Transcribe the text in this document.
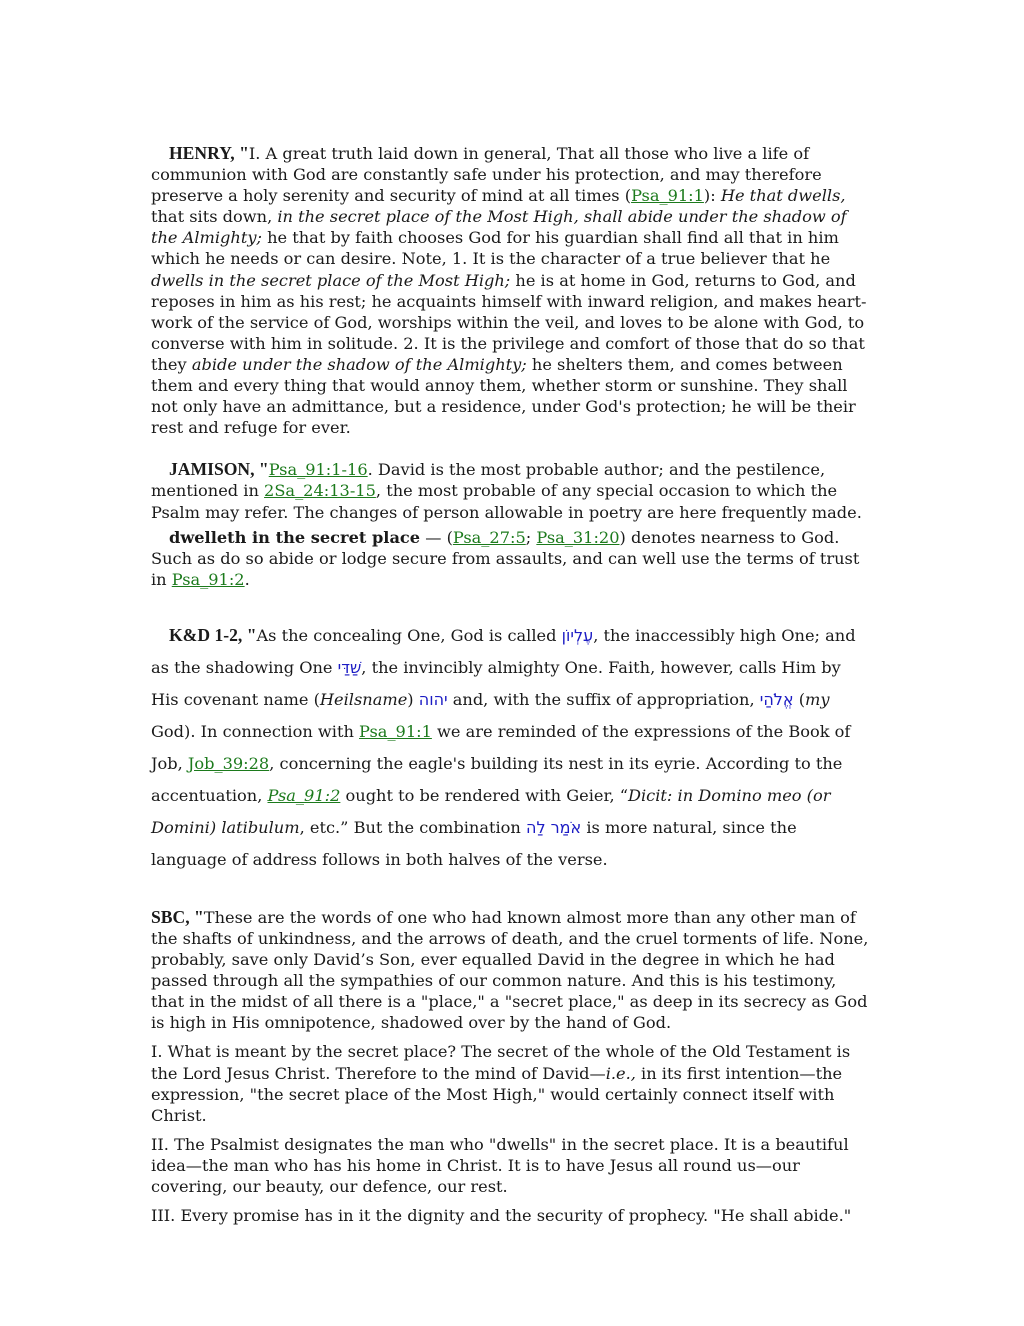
HENRY, "I. A great truth laid down in general, That all those who live a life of communion with God are constantly safe under his protection, and may therefore preserve a holy serenity and security of mind at all times (Psa_91:1): He that dwells, that sits down, in the secret place of the Most High, shall abide under the shadow of the Almighty; he that by faith chooses God for his guardian shall find all that in him which he needs or can desire. Note, 1. It is the character of a true believer that he dwells in the secret place of the Most High; he is at home in God, returns to God, and reposes in him as his rest; he acquaints himself with inward religion, and makes heart-work of the service of God, worships within the veil, and loves to be alone with God, to converse with him in solitude. 2. It is the privilege and comfort of those that do so that they abide under the shadow of the Almighty; he shelters them, and comes between them and every thing that would annoy them, whether storm or sunshine. They shall not only have an admittance, but a residence, under God's protection; he will be their rest and refuge for ever.

JAMISON, "Psa_91:1-16. David is the most probable author; and the pestilence, mentioned in 2Sa_24:13-15, the most probable of any special occasion to which the Psalm may refer. The changes of person allowable in poetry are here frequently made.

dwelleth in the secret place — (Psa_27:5; Psa_31:20) denotes nearness to God. Such as do so abide or lodge secure from assaults, and can well use the terms of trust in Psa_91:2.

K&D 1-2, "As the concealing One, God is called עֶלְיוֹן, the inaccessibly high One; and as the shadowing One שַׁדַּי, the invincibly almighty One. Faith, however, calls Him by His covenant name (Heilsname) יהוה and, with the suffix of appropriation, אֱלֹהַי (my God). In connection with Psa_91:1 we are reminded of the expressions of the Book of Job, Job_39:28, concerning the eagle's building its nest in its eyrie. According to the accentuation, Psa_91:2 ought to be rendered with Geier, “Dicit: in Domino meo (or Domini) latibulum, etc.” But the combination אֹמַר לַה is more natural, since the language of address follows in both halves of the verse.

SBC, "These are the words of one who had known almost more than any other man of the shafts of unkindness, and the arrows of death, and the cruel torments of life. None, probably, save only David’s Son, ever equalled David in the degree in which he had passed through all the sympathies of our common nature. And this is his testimony, that in the midst of all there is a "place," a "secret place," as deep in its secrecy as God is high in His omnipotence, shadowed over by the hand of God.

I. What is meant by the secret place? The secret of the whole of the Old Testament is the Lord Jesus Christ. Therefore to the mind of David—i.e., in its first intention—the expression, "the secret place of the Most High," would certainly connect itself with Christ.

II. The Psalmist designates the man who "dwells" in the secret place. It is a beautiful idea—the man who has his home in Christ. It is to have Jesus all round us—our covering, our beauty, our defence, our rest.

III. Every promise has in it the dignity and the security of prophecy. "He shall abide."
